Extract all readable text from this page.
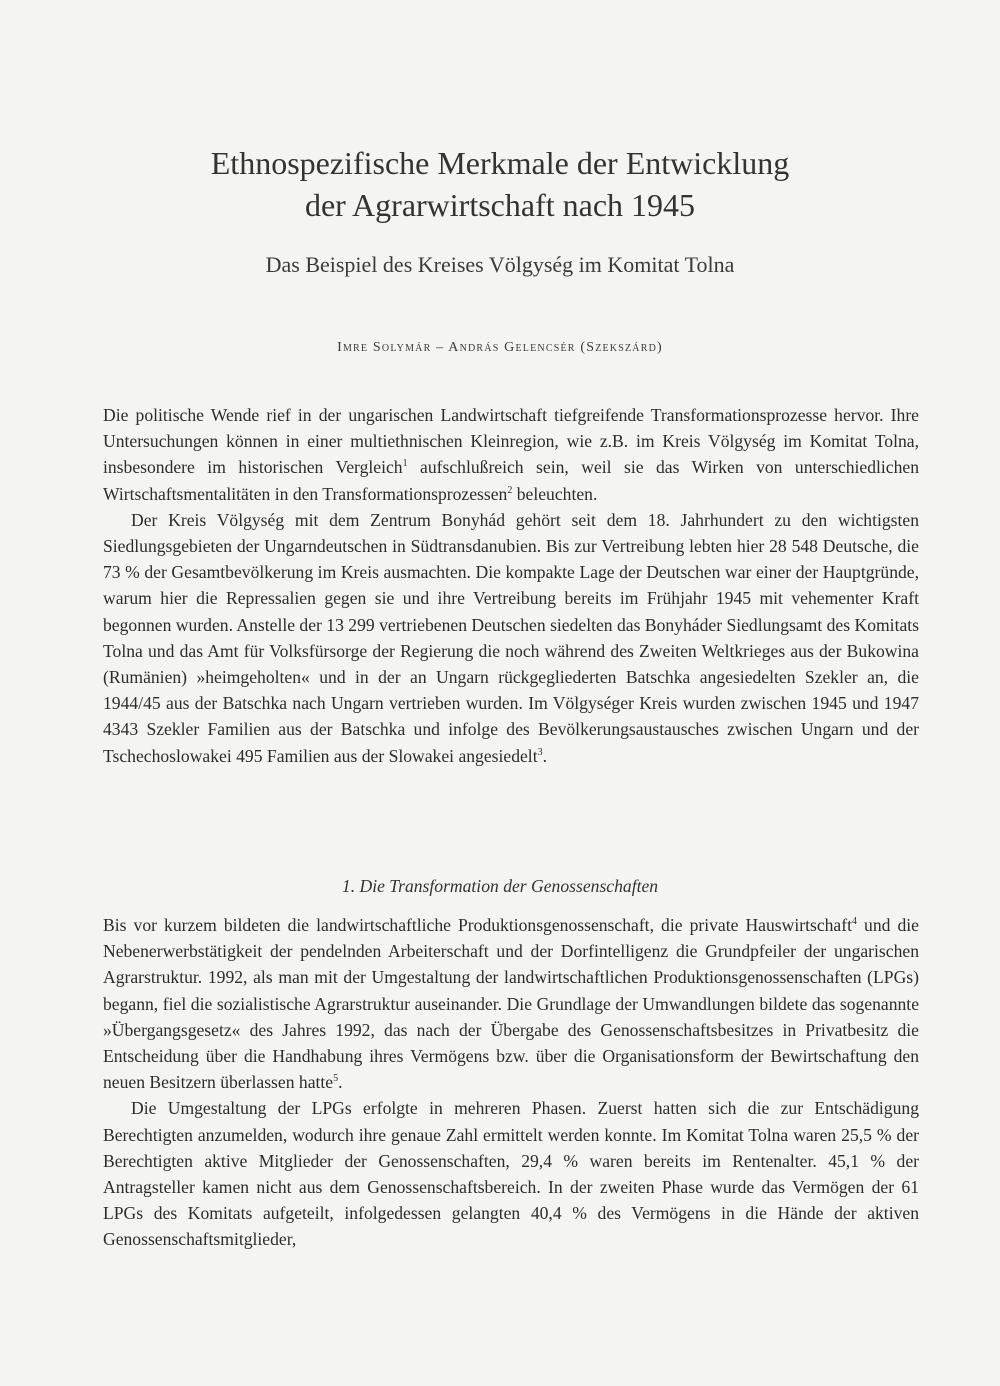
Ethnospezifische Merkmale der Entwicklung
der Agrarwirtschaft nach 1945
Das Beispiel des Kreises Völgység im Komitat Tolna
Imre Solymár – András Gelencsér (Szekszárd)

Die politische Wende rief in der ungarischen Landwirtschaft tiefgreifende Transformationsprozesse hervor. Ihre Untersuchungen können in einer multiethnischen Kleinregion, wie z.B. im Kreis Völgység im Komitat Tolna, insbesondere im historischen Vergleich$^1$ aufschlußreich sein, weil sie das Wirken von unterschiedlichen Wirtschaftsmentalitäten in den Transformationsprozessen$^2$ beleuchten.

Der Kreis Völgység mit dem Zentrum Bonyhád gehört seit dem 18. Jahrhundert zu den wichtigsten Siedlungsgebieten der Ungarndeutschen in Südtransdanubien. Bis zur Vertreibung lebten hier 28 548 Deutsche, die 73 % der Gesamtbevölkerung im Kreis ausmachten. Die kompakte Lage der Deutschen war einer der Hauptgründe, warum hier die Repressalien gegen sie und ihre Vertreibung bereits im Frühjahr 1945 mit vehementer Kraft begonnen wurden. Anstelle der 13 299 vertriebenen Deutschen siedelten das Bonyháder Siedlungsamt des Komitats Tolna und das Amt für Volksfürsorge der Regierung die noch während des Zweiten Weltkrieges aus der Bukowina (Rumänien) »heimgeholten« und in der an Ungarn rückgegliederten Batschka angesiedelten Szekler an, die 1944/45 aus der Batschka nach Ungarn vertrieben wurden. Im Völgységer Kreis wurden zwischen 1945 und 1947 4343 Szekler Familien aus der Batschka und infolge des Bevölkerungsaustausches zwischen Ungarn und der Tschechoslowakei 495 Familien aus der Slowakei angesiedelt$^3$.

1. Die Transformation der Genossenschaften

Bis vor kurzem bildeten die landwirtschaftliche Produktionsgenossenschaft, die private Hauswirtschaft$^4$ und die Nebenerwerbstätigkeit der pendelnden Arbeiterschaft und der Dorfintelligenz die Grundpfeiler der ungarischen Agrarstruktur. 1992, als man mit der Umgestaltung der landwirtschaftlichen Produktionsgenossenschaften (LPGs) begann, fiel die sozialistische Agrarstruktur auseinander. Die Grundlage der Umwandlungen bildete das sogenannte »Übergangsgesetz« des Jahres 1992, das nach der Übergabe des Genossenschaftsbesitzes in Privatbesitz die Entscheidung über die Handhabung ihres Vermögens bzw. über die Organisationsform der Bewirtschaftung den neuen Besitzern überlassen hatte$^5$.

Die Umgestaltung der LPGs erfolgte in mehreren Phasen. Zuerst hatten sich die zur Entschädigung Berechtigten anzumelden, wodurch ihre genaue Zahl ermittelt werden konnte. Im Komitat Tolna waren 25,5 % der Berechtigten aktive Mitglieder der Genossenschaften, 29,4 % waren bereits im Rentenalter. 45,1 % der Antragsteller kamen nicht aus dem Genossenschaftsbereich. In der zweiten Phase wurde das Vermögen der 61 LPGs des Komitats aufgeteilt, infolgedessen gelangten 40,4 % des Vermögens in die Hände der aktiven Genossenschaftsmitglieder,
